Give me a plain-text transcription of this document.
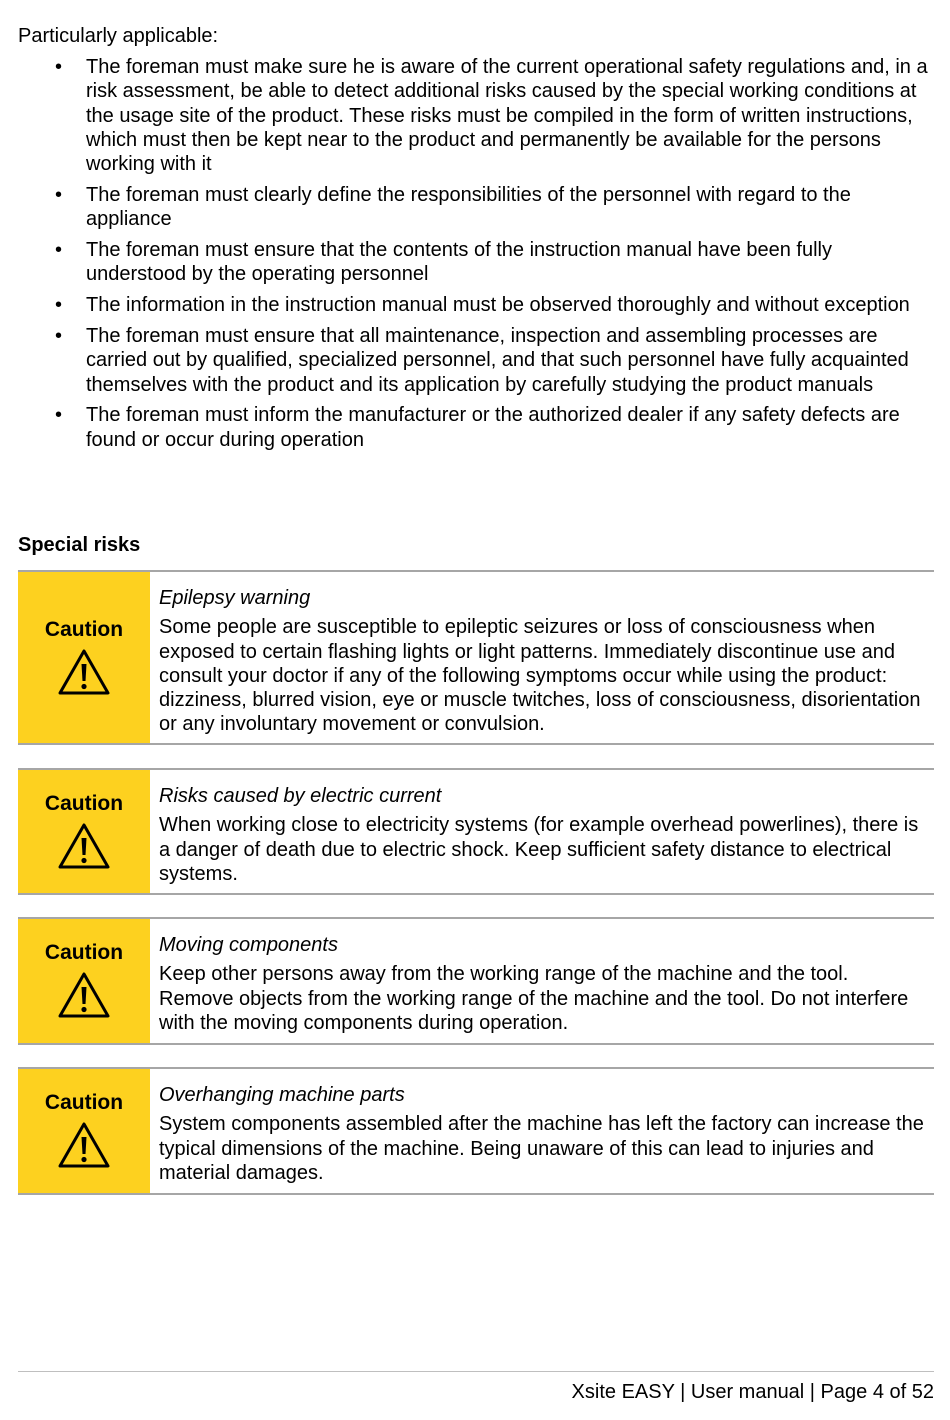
Particularly applicable:

• The foreman must make sure he is aware of the current operational safety regulations and, in a risk assessment, be able to detect additional risks caused by the special working conditions at the usage site of the product. These risks must be compiled in the form of written instructions, which must then be kept near to the product and permanently be available for the persons working with it
• The foreman must clearly define the responsibilities of the personnel with regard to the appliance
• The foreman must ensure that the contents of the instruction manual have been fully understood by the operating personnel
• The information in the instruction manual must be observed thoroughly and without exception
• The foreman must ensure that all maintenance, inspection and assembling processes are carried out by qualified, specialized personnel, and that such personnel have fully acquainted themselves with the product and its application by carefully studying the product manuals
• The foreman must inform the manufacturer or the authorized dealer if any safety defects are found or occur during operation
Special risks
Caution

Epilepsy warning

Some people are susceptible to epileptic seizures or loss of consciousness when exposed to certain flashing lights or light patterns. Immediately discontinue use and consult your doctor if any of the following symptoms occur while using the product: dizziness, blurred vision, eye or muscle twitches, loss of consciousness, disorientation or any involuntary movement or convulsion.

Caution	Risks caused by electric current

When working close to electricity systems (for example overhead powerlines), there is a danger of death due to electric shock. Keep sufficient safety distance to electrical systems.

Caution	Moving components

Keep other persons away from the working range of the machine and the tool. Remove objects from the working range of the machine and the tool. Do not interfere with the moving components during operation.

Caution	Overhanging machine parts

System components assembled after the machine has left the factory can increase the typical dimensions of the machine. Being unaware of this can lead to injuries and material damages.

Xsite EASY | User manual | Page 4 of 52
